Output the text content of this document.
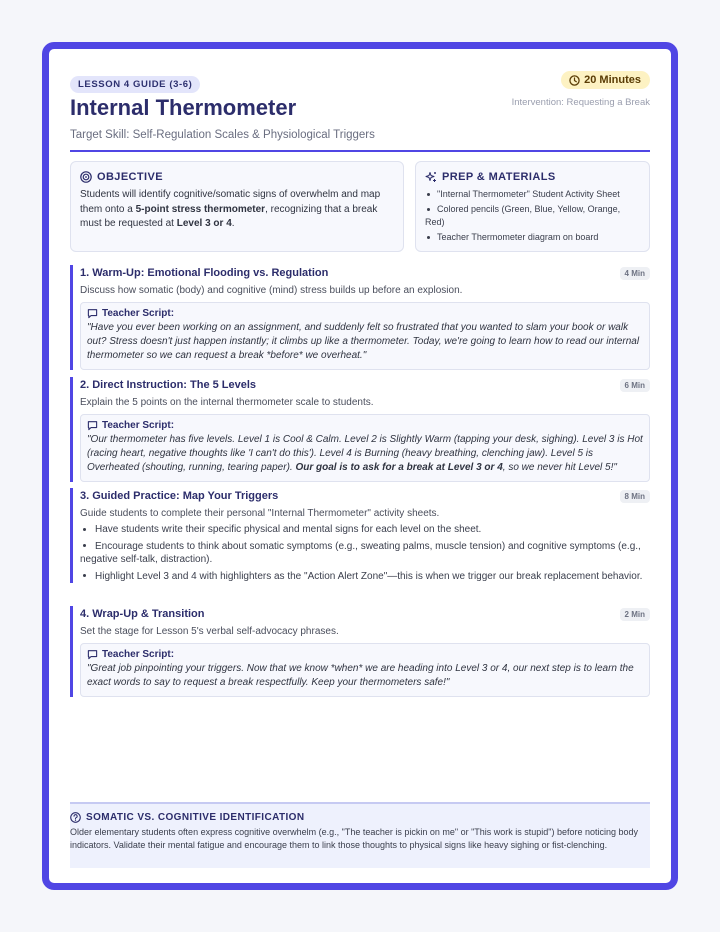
LESSON 4 GUIDE (3-6)
Internal Thermometer
Target Skill: Self-Regulation Scales & Physiological Triggers
20 Minutes
Intervention: Requesting a Break
OBJECTIVE
Students will identify cognitive/somatic signs of overwhelm and map them onto a 5-point stress thermometer, recognizing that a break must be requested at Level 3 or 4.
PREP & MATERIALS
"Internal Thermometer" Student Activity Sheet
Colored pencils (Green, Blue, Yellow, Orange, Red)
Teacher Thermometer diagram on board
1. Warm-Up: Emotional Flooding vs. Regulation	4 Min
Discuss how somatic (body) and cognitive (mind) stress builds up before an explosion.
Teacher Script:
"Have you ever been working on an assignment, and suddenly felt so frustrated that you wanted to slam your book or walk out? Stress doesn't just happen instantly; it climbs up like a thermometer. Today, we're going to learn how to read our internal thermometer so we can request a break *before* we overheat."
2. Direct Instruction: The 5 Levels	6 Min
Explain the 5 points on the internal thermometer scale to students.
Teacher Script:
"Our thermometer has five levels. Level 1 is Cool & Calm. Level 2 is Slightly Warm (tapping your desk, sighing). Level 3 is Hot (racing heart, negative thoughts like 'I can't do this'). Level 4 is Burning (heavy breathing, clenching jaw). Level 5 is Overheated (shouting, running, tearing paper). Our goal is to ask for a break at Level 3 or 4, so we never hit Level 5!"
3. Guided Practice: Map Your Triggers	8 Min
Guide students to complete their personal "Internal Thermometer" activity sheets.
Have students write their specific physical and mental signs for each level on the sheet.
Encourage students to think about somatic symptoms (e.g., sweating palms, muscle tension) and cognitive symptoms (e.g., negative self-talk, distraction).
Highlight Level 3 and 4 with highlighters as the "Action Alert Zone"—this is when we trigger our break replacement behavior.
4. Wrap-Up & Transition	2 Min
Set the stage for Lesson 5's verbal self-advocacy phrases.
Teacher Script:
"Great job pinpointing your triggers. Now that we know *when* we are heading into Level 3 or 4, our next step is to learn the exact words to say to request a break respectfully. Keep your thermometers safe!"
SOMATIC VS. COGNITIVE IDENTIFICATION
Older elementary students often express cognitive overwhelm (e.g., "The teacher is pickin on me" or "This work is stupid") before noticing body indicators. Validate their mental fatigue and encourage them to link those thoughts to physical signs like heavy sighing or fist-clenching.
